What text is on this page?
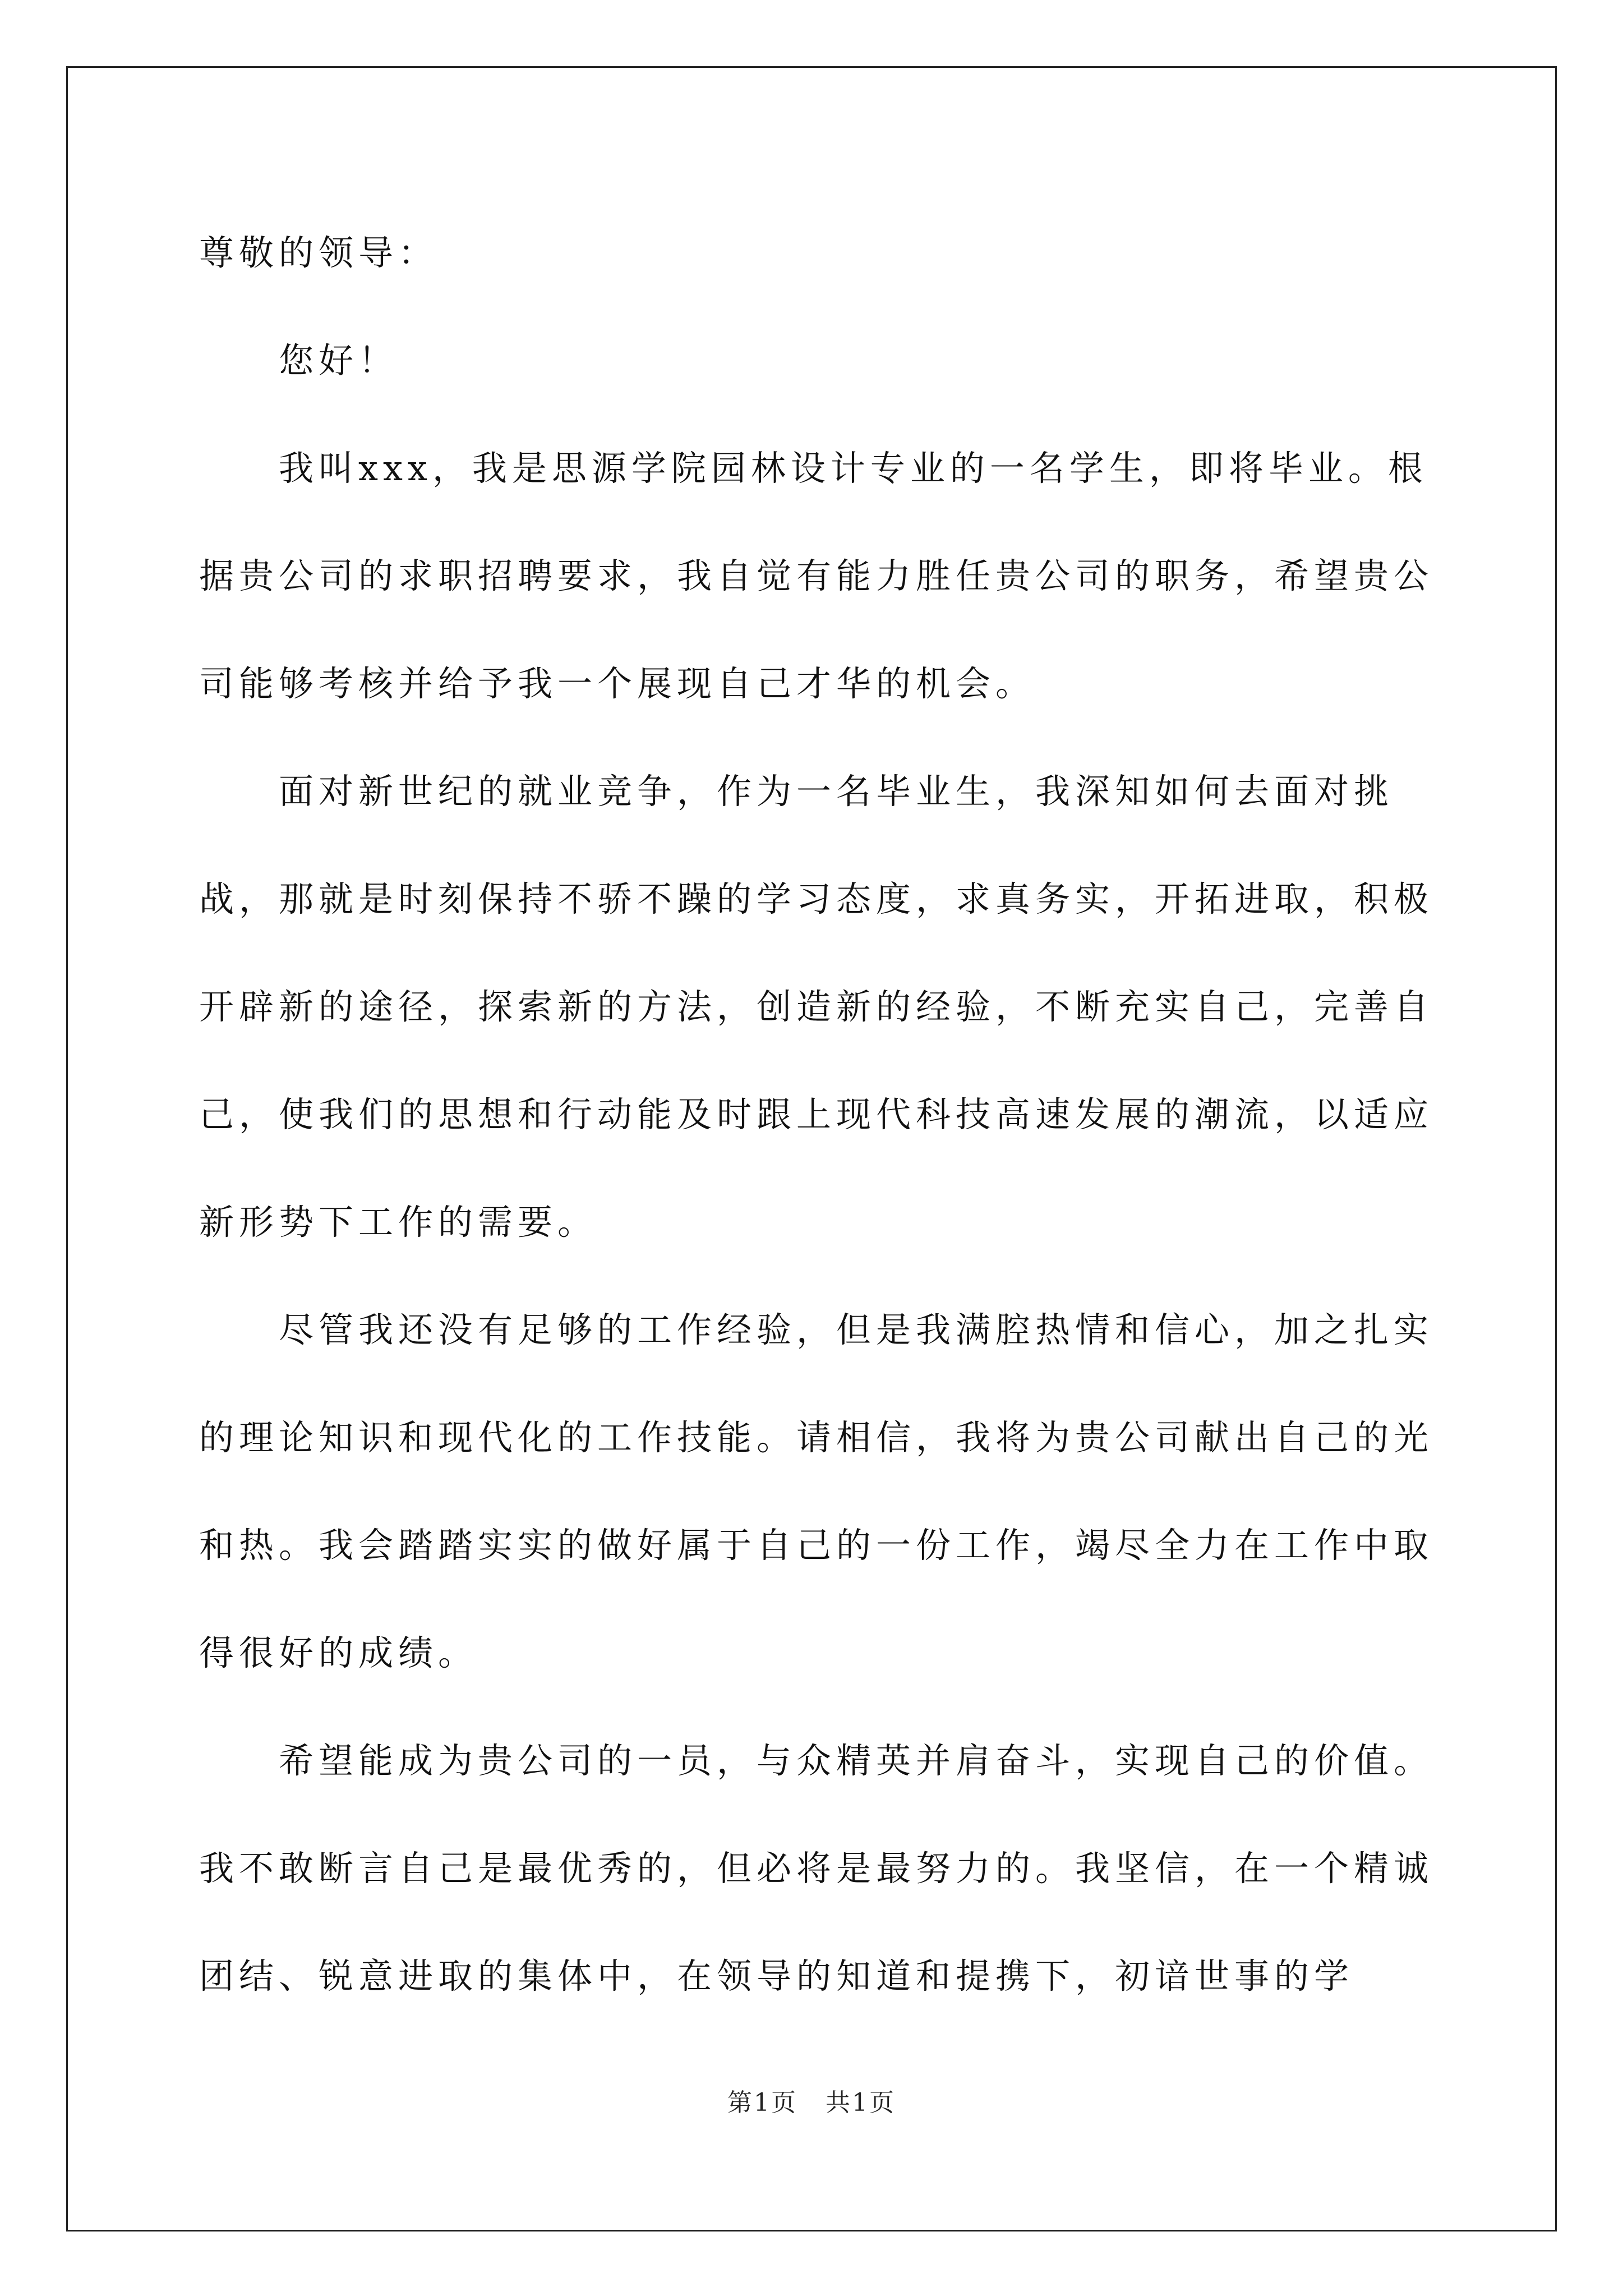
尊敬的领导：

您好！

我叫xxx，我是思源学院园林设计专业的一名学生，即将毕业。根据贵公司的求职招聘要求，我自觉有能力胜任贵公司的职务，希望贵公司能够考核并给予我一个展现自己才华的机会。

面对新世纪的就业竞争，作为一名毕业生，我深知如何去面对挑战，那就是时刻保持不骄不躁的学习态度，求真务实，开拓进取，积极开辟新的途径，探索新的方法，创造新的经验，不断充实自己，完善自己，使我们的思想和行动能及时跟上现代科技高速发展的潮流，以适应新形势下工作的需要。

尽管我还没有足够的工作经验，但是我满腔热情和信心，加之扎实的理论知识和现代化的工作技能。请相信，我将为贵公司献出自己的光和热。我会踏踏实实的做好属于自己的一份工作，竭尽全力在工作中取得很好的成绩。

希望能成为贵公司的一员，与众精英并肩奋斗，实现自己的价值。我不敢断言自己是最优秀的，但必将是最努力的。我坚信，在一个精诚团结、锐意进取的集体中，在领导的知道和提携下，初谙世事的学

第1页 共1页
